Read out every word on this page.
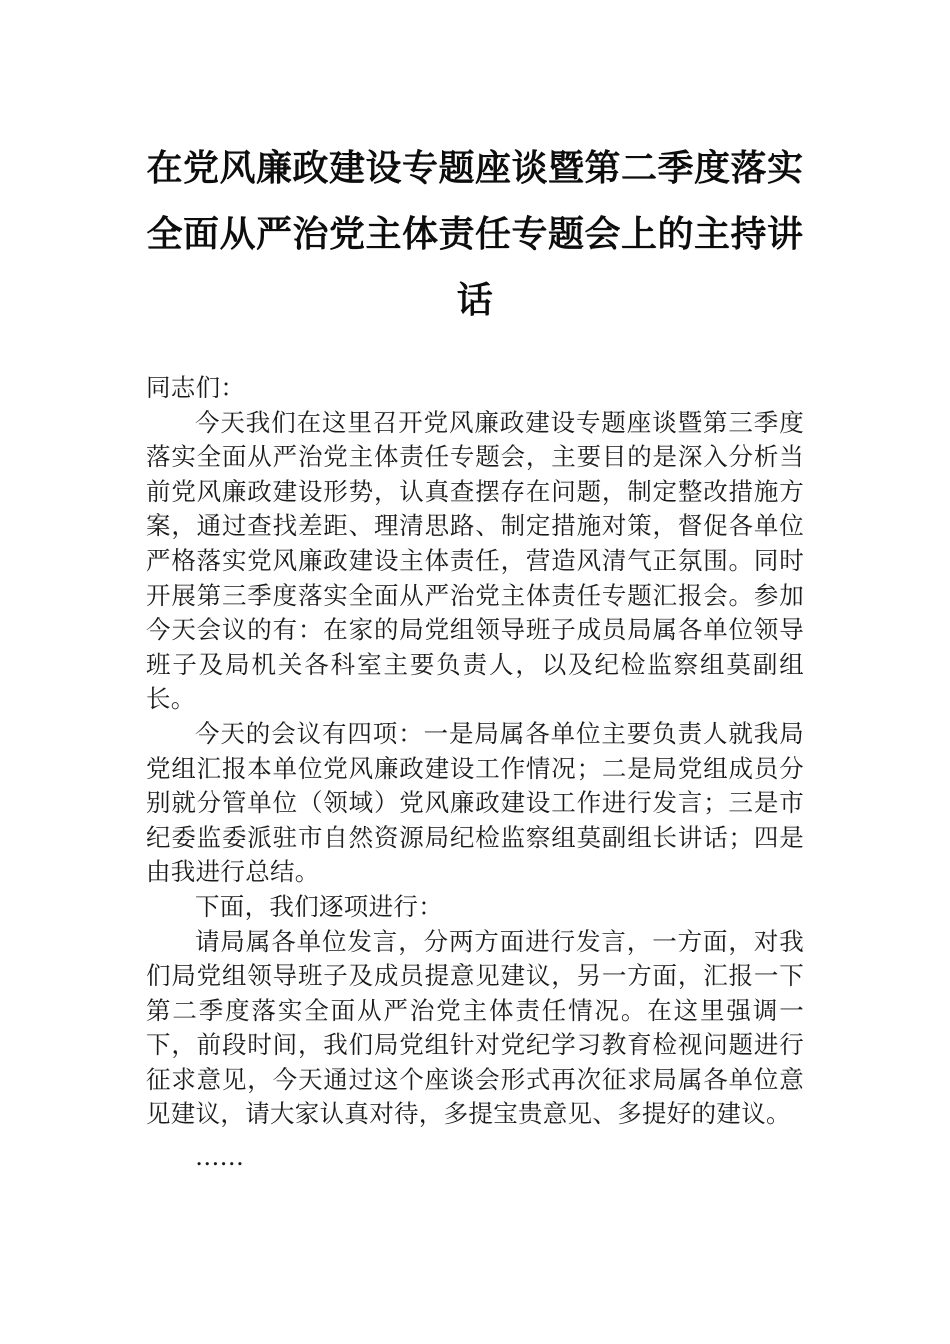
在党风廉政建设专题座谈暨第二季度落实全面从严治党主体责任专题会上的主持讲话

同志们：

今天我们在这里召开党风廉政建设专题座谈暨第三季度落实全面从严治党主体责任专题会，主要目的是深入分析当前党风廉政建设形势，认真查摆存在问题，制定整改措施方案，通过查找差距、理清思路、制定措施对策，督促各单位严格落实党风廉政建设主体责任，营造风清气正氛围。同时开展第三季度落实全面从严治党主体责任专题汇报会。参加今天会议的有：在家的局党组领导班子成员局属各单位领导班子及局机关各科室主要负责人，以及纪检监察组莫副组长。

今天的会议有四项：一是局属各单位主要负责人就我局党组汇报本单位党风廉政建设工作情况；二是局党组成员分别就分管单位（领域）党风廉政建设工作进行发言；三是市纪委监委派驻市自然资源局纪检监察组莫副组长讲话；四是由我进行总结。

下面，我们逐项进行：

请局属各单位发言，分两方面进行发言，一方面，对我们局党组领导班子及成员提意见建议，另一方面，汇报一下第二季度落实全面从严治党主体责任情况。在这里强调一下，前段时间，我们局党组针对党纪学习教育检视问题进行征求意见，今天通过这个座谈会形式再次征求局属各单位意见建议，请大家认真对待，多提宝贵意见、多提好的建议。

……
